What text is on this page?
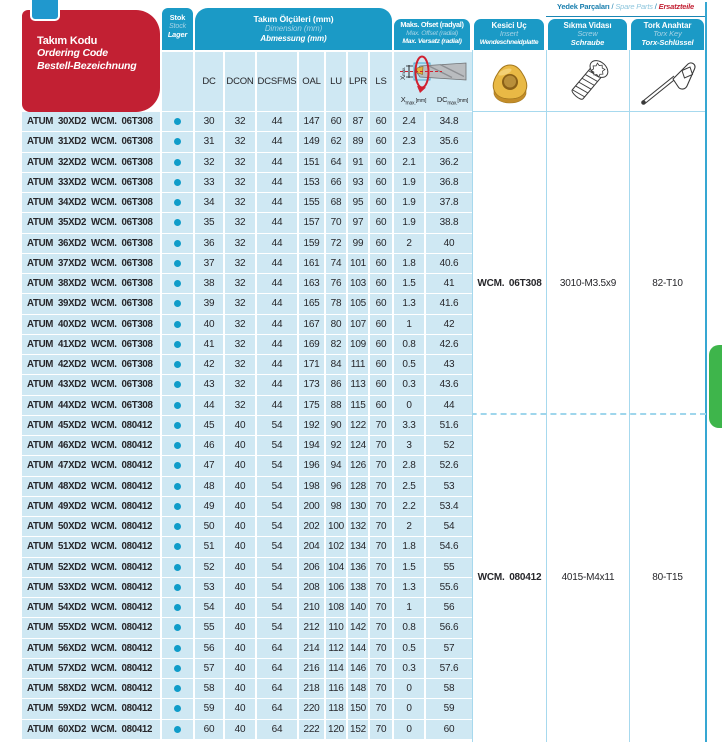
Takım Kodu
Ordering Code
Bestell-Bezeichnung
Yedek Parçaları / Spare Parts / Ersatzteile
Stok
Stock
Lager
Takım Ölçüleri (mm)
Dimension (mm)
Abmessung (mm)
Maks. Ofset (radyal)
Max. Offset (radial)
Max. Versatz (radial)
Kesici Uç
Insert
Wendeschneidplatte
Sıkma Vidası
Screw
Schraube
Tork Anahtar
Torx Key
Torx-Schlüssel
DC	DCON DCSFMS OAL LU LPR LS	Xmax.
$X_{max.}[mm]$	$DC_{max.}[mm]$
WCM. 06T308	3010-M3.5x9	82-T10
WCM. 080412	4015-M4x11	80-T15
ATUM 30XD2 WCM. 06T308	30	32	44	147	60	87	60	2.4	34.8
ATUM 31XD2 WCM. 06T308	31	32	44	149	62	89	60	2.3	35.6
ATUM 32XD2 WCM. 06T308	32	32	44	151	64	91	60	2.1	36.2
ATUM 33XD2 WCM. 06T308	33	32	44	153	66	93	60	1.9	36.8
ATUM 34XD2 WCM. 06T308	34	32	44	155	68	95	60	1.9	37.8
ATUM 35XD2 WCM. 06T308	35	32	44	157	70	97	60	1.9	38.8
ATUM 36XD2 WCM. 06T308	36	32	44	159	72	99	60	2	40
ATUM 37XD2 WCM. 06T308	37	32	44	161	74 101 60	1.8	40.6
ATUM 38XD2 WCM. 06T308	38	32	44	163	76 103 60	1.5	41
ATUM 39XD2 WCM. 06T308	39	32	44	165	78 105 60	1.3	41.6
ATUM 40XD2 WCM. 06T308	40	32	44	167	80 107 60	1	42
ATUM 41XD2 WCM. 06T308	41	32	44	169	82 109 60	0.8	42.6
ATUM 42XD2 WCM. 06T308	42	32	44	171	84 111	60	0.5	43
ATUM 43XD2 WCM. 06T308	43	32	44	173	86 113 60	0.3	43.6
ATUM 44XD2 WCM. 06T308	44	32	44	175	88 115 60	0	44
ATUM 45XD2 WCM. 080412	45	40	54	192	90 122 70	3.3	51.6
ATUM 46XD2 WCM. 080412	46	40	54	194	92 124 70	3	52
ATUM 47XD2 WCM. 080412	47	40	54	196	94 126 70	2.8	52.6
ATUM 48XD2 WCM. 080412	48	40	54	198	96 128 70	2.5	53
ATUM 49XD2 WCM. 080412	49	40	54	200	98 130 70	2.2	53.4
ATUM 50XD2 WCM. 080412	50	40	54	202 100 132 70	2	54
ATUM 51XD2 WCM. 080412	51	40	54	204 102 134 70	1.8	54.6
ATUM 52XD2 WCM. 080412	52	40	54	206 104 136 70	1.5	55
ATUM 53XD2 WCM. 080412	53	40	54	208 106 138 70	1.3	55.6
ATUM 54XD2 WCM. 080412	54	40	54	210 108 140 70	1	56
ATUM 55XD2 WCM. 080412	55	40	54	212 110 142 70	0.8	56.6
ATUM 56XD2 WCM. 080412	56	40	64	214 112 144 70	0.5	57
ATUM 57XD2 WCM. 080412	57	40	64	216 114 146 70	0.3	57.6
ATUM 58XD2 WCM. 080412	58	40	64	218 116 148 70	0	58
ATUM 59XD2 WCM. 080412	59	40	64	220 118 150 70	0	59
ATUM 60XD2 WCM. 080412	60	40	64	222 120 152 70	0	60
